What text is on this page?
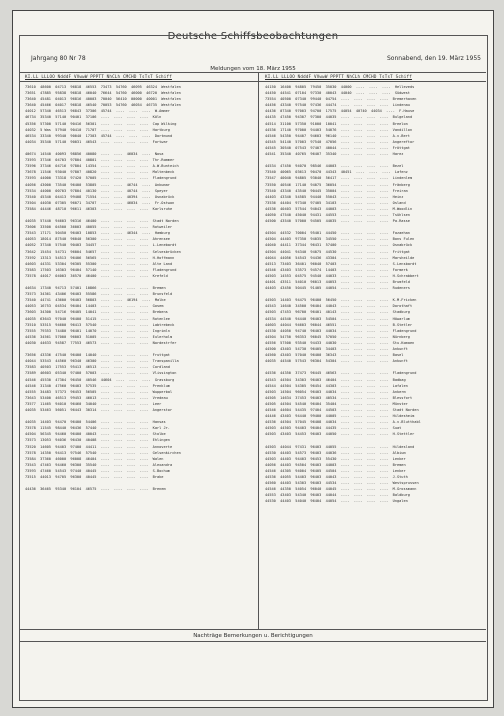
Deutsche Schiffsbeobachtungen
Jahrgang 80 Nr 78	Sonnabend, den 19. März 1955
Meldungen vom 18. März 1955
KI.LL LLLOO NdddF VVwwW PPPTT NhCLh CMCHD TsTsT Schiff	KI.LL LLLOO NdddF VVwwW PPPTT NhCLh CMCHD TsTsT Schiff
73610  48600  04713  96818  46553  73473  54760  46095  46324  Westfalen
73651  47885  95838  96818  46040  76644  54760  46000  46720  Westfalen
73640  45481  04013  96816  40003  70040  56410  00000  40001  Westfalen
73640  45466  04017  96818  46540  70053  54760  46054  46735  Westfalen
44012  57340  46513  96843  37306  45744  ----  ----  ----  W.Ammer
46734  35340  57140  90401  37106  ----  ----  ----  ----  Köln
45356  57300  57140  90416  56301  ----  ----  ----  ----  Cap Wilking
44032  5 Was  57940  90410  71707  ----  ----  ----  ----  Hartburg
46534  33340  99340  90040  17303  45744  ----  ----  ----  Dortmund
44034  35340  57140  90031  46543  ----  ----  ----  ----  Fortwar
40674  14540  40093  98856  40080  ----  ----  46034  ----  Nova
73593  37346  04703  97804  40801  ----  ----  ----  ----  Thr.Rommer
73596  37346  04716  97804  14354  ----  ----  ----  ----  A.W.Bunteich
73678  11546  93040  97807  40820  ----  ----  ----  ----  Maltenbeck
73593  44000  73318  97420  57005  ----  ----  ----  ----  Fladengrund
44056  43000  73540  96400  53805  ----  ----  46744  ----  Ankumar
73534  44000  00703  97804  40130  ----  ----  40744  ----  Speyer
73540  45340  04413  99408  71554  ----  ----  40394  ----  Osnabrück
73504  44030  07305  96071  34707  ----  ----  46034  ----  Fr.Ostwon
73584  44446  48710  96611  46303  ----  ----  ----  ----  Karlsruhe
44035  57440  94603  96316  46400  ----  ----  ----  ----  Stadt Norden
73606  33500  04500  36003  40055  ----  ----  ----  ----  Rotweiler
73543  17171  50450  96403  10853  ----  ----  46344  ----  Hamburg
44053  18014  87540  96040  56300  ----  ----  ----  ----  Ahrensee
44052  37340  57540  90403  34457  ----  ----  ----  ----  L.Lenebardt
73642  15454  54731  96004  54657  ----  ----  ----  ----  Selvesbrücken
73592  13313  54513  96406  56565  ----  ----  ----  ----  H.Hoffmann
44603  44331  53304  96305  55300  ----  ----  ----  ----  Alte Land
73583  17503  16303  96404  57140  ----  ----  ----  ----  Fladengrund
73578  44017  04003  36570  46400  ----  ----  ----  ----  Krefeld
44634  17340  94713  57401  10866  ----  ----  ----  ----  Bremen
73573  34361  43406  96403  55586  ----  ----  ----  ----  Brunsfeld
73540  44741  43600  96403  56803  ----  ----  46194  ----  Malke
44053  16753  04534  96404  14403  ----  ----  ----  ----  Gosem
73603  34300  54716  96405  14041  ----  ----  ----  ----  Brebens
44035  63643  97040  96400  51415  ----  ----  ----  ----  Rotenlee
73510  53515  94600  96413  57540  ----  ----  ----  ----  Labtrebeck
73555  79353  74480  96401  14070  ----  ----  ----  ----  Ingrimln
44536  34561  57000  96003  51005  ----  ----  ----  ----  Eulerholm
44030  44633  94587  77553  46573  ----  ----  ----  ----  Nordestrfer
73656  43336  47540  96400  14040  ----  ----  ----  ----  Fruttgat
44044  53543  44560  96340  46300  ----  ----  ----  ----  Transpanilla
73583  40503  17553  95413  46513  ----  ----  ----  ----  Cordland
73589  46603  05340  97400  57003  ----  ----  ----  ----  Vlissington
44546  45530  47304  96450  40546  44604  ----  ----  ----  Grassburg
44546  31340  47560  96403  57535  ----  ----  ----  ----  Prenklum
44555  34483  57373  96453  56505  ----  ----  ----  ----  Wupperbal
73643  53400  46513  99453  46013  ----  ----  ----  ----  Vredeau
73577  11465  94010  96460  34040  ----  ----  ----  ----  Leer
44035  53463  56051  96443  30314  ----  ----  ----  ----  Angerstor
44035  14403  94470  96400  54406  ----  ----  ----  ----  Hansas
73578  11545  98440  96436  57440  ----  ----  ----  ----  Karl Jr.
44504  56345  94460  96400  40043  ----  ----  ----  ----  Stolbe
73573  13053  94036  96430  40408  ----  ----  ----  ----  Ehlingen
73520  14605  94403  97400  44411  ----  ----  ----  ----  Annoverte
73578  14350  94413  97546  57540  ----  ----  ----  ----  Gelsenkirchen
73584  37360  46000  96008  46404  ----  ----  ----  ----  Walen
73543  47463  94460  96300  35540  ----  ----  ----  ----  Alexandra
73593  47460  54543  97440  40445  ----  ----  ----  ----  S.Bochum
73515  44013  94705  96300  40445  ----  ----  ----  ----  Brake
44436  36465  95340  96104  46575  ----  ----  ----  ----  Brenem
44150  16400  94805  79450  35030  44000  ----  ----  ----  Helleveds
44450  44541  07104  97330  40043  44040  ----  ----  ----  Südwest
73554  40500  07340  99440  04754  ----  ----  ----  ----  Bremerhaven
44456  43340  97540  97436  44474  ----  ----  ----  ----  Lindenau
44436  07340  97003  94700  17575  44054  40740  44034  ----  F.Hause
44435  47450  94307  97300  44035  ----  ----  ----  ----  Bulgeland
44514  31100  57350  91000  10041  ----  ----  ----  ----  Breelon
44536  17140  97000  94403  54076  ----  ----  ----  ----  Vandillon
44546  54350  94407  94603  96140  ----  ----  ----  ----  A.v.Bert
44545  54140  57003  97540  47056  ----  ----  ----  ----  Angereftor
44545  30540  07543  97407  40044  ----  ----  ----  ----  Fröttgat
44541  35340  40765  96407  35340  ----  ----  ----  ----  Harez
44534  47450  94070  98546  44003  ----  ----  ----  ----  Bezel
73540  40065  03613  90470  44343  40451  ----  ----  ----  Lafenz
73547  40040  94805  93040  56417  ----  ----  ----  ----  Lindenlem
73550  40546  17140  94075  36054  ----  ----  ----  ----  Fränberg
73540  43340  43540  90445  35004  ----  ----  ----  ----  Freiran
44403  43340  54585  94440  55043  ----  ----  ----  ----  Heinz
73536  44404  97340  97405  34103  ----  ----  ----  ----  Osland
44536  40403  57544  94043  44003  ----  ----  ----  ----  M.Woodlin
44050  47540  45040  94431  44553  ----  ----  ----  ----  Tsühlsen
44500  43540  57000  94505  44035  ----  ----  ----  ----  Pa.Rasse
44504  44532  70004  95401  44450  ----  ----  ----  ----  Fazaehan
44504  44403  97350  94035  34550  ----  ----  ----  ----  Bons Fulen
44040  44411  37344  96431  57400  ----  ----  ----  ----  Osnabrück
44504  44041  94340  94075  44530  ----  ----  ----  ----  Frittgat
44044  44056  54543  94436  43304  ----  ----  ----  ----  Marsheilde
44513  73403  36401  96040  57403  ----  ----  ----  ----  S.Lensbardt
44546  43403  53573  94574  14403  ----  ----  ----  ----  Formerk
44503  14553  04575  94540  44033  ----  ----  ----  ----  H.Schrabbert
44401  43511  54010  96013  44053  ----  ----  ----  ----  Brumfeld
44403  43450  50445  91405  44054  ----  ----  ----  ----  Rudeners
44503  14403  94475  96400  56450  ----  ----  ----  ----  K.M.Fricken
44543  14640  34500  96404  44043  ----  ----  ----  ----  Dorothaft
44503  47453  96700  96401  40143  ----  ----  ----  ----  Stadburg
44534  44540  94440  96403  54504  ----  ----  ----  ----  Höwarlum
44603  44044  94603  96044  46551  ----  ----  ----  ----  B.Stetler
44530  44050  94740  96403  44034  ----  ----  ----  ----  Fladengrund
44504  54750  96353  96045  57050  ----  ----  ----  ----  Nürnberg
44556  57500  93540  94433  44030  ----  ----  ----  ----  Stu.Komaen
44500  43403  54730  96405  34403  ----  ----  ----  ----  Ankunft
44560  43403  57040  96400  36343  ----  ----  ----  ----  Basel
44035  44540  57543  96304  54304  ----  ----  ----  ----  Ankunft
44536  44350  37473  96445  46563  ----  ----  ----  ----  Fladengrund
44543  44504  34303  96403  46404  ----  ----  ----  ----  Badbag
44544  44504  54305  96454  44303  ----  ----  ----  ----  Lafalen
44503  14504  96054  96403  44034  ----  ----  ----  ----  Ankerm
44505  14634  37453  96403  40534  ----  ----  ----  ----  Blessfort
44505  44504  54540  96404  35404  ----  ----  ----  ----  Münster
44546  44604  54435  97404  44503  ----  ----  ----  ----  Stadt Norden
44446  43403  94440  99400  44005  ----  ----  ----  ----  Hildesheim
44536  44504  57045  96408  44034  ----  ----  ----  ----  A.v.Blutthabl
44503  44503  94403  96404  44435  ----  ----  ----  ----  Suat
44503  43403  54453  96403  44050  ----  ----  ----  ----  H.Stettler
44503  44044  97431  96403  44055  ----  ----  ----  ----  Hildesland
44530  44403  54573  96403  44036  ----  ----  ----  ----  Albium
44503  44403  94403  96453  55430  ----  ----  ----  ----  Lenker
44056  44403  94504  96403  44003  ----  ----  ----  ----  Bremen
44546  44305  94004  96405  44504  ----  ----  ----  ----  Lenker
44536  44055  54403  96403  44043  ----  ----  ----  ----  J.Stuth
44560  44403  54303  96403  44534  ----  ----  ----  ----  Westsprussen
44546  44350  54054  96040  44045  ----  ----  ----  ----  M.Grossmann
44553  43403  54340  96403  44044  ----  ----  ----  ----  Baldburg
44530  44403  54040  96404  44054  ----  ----  ----  ----  Ungalen
Nachträge Bemerkungen u. Berichtigungen
